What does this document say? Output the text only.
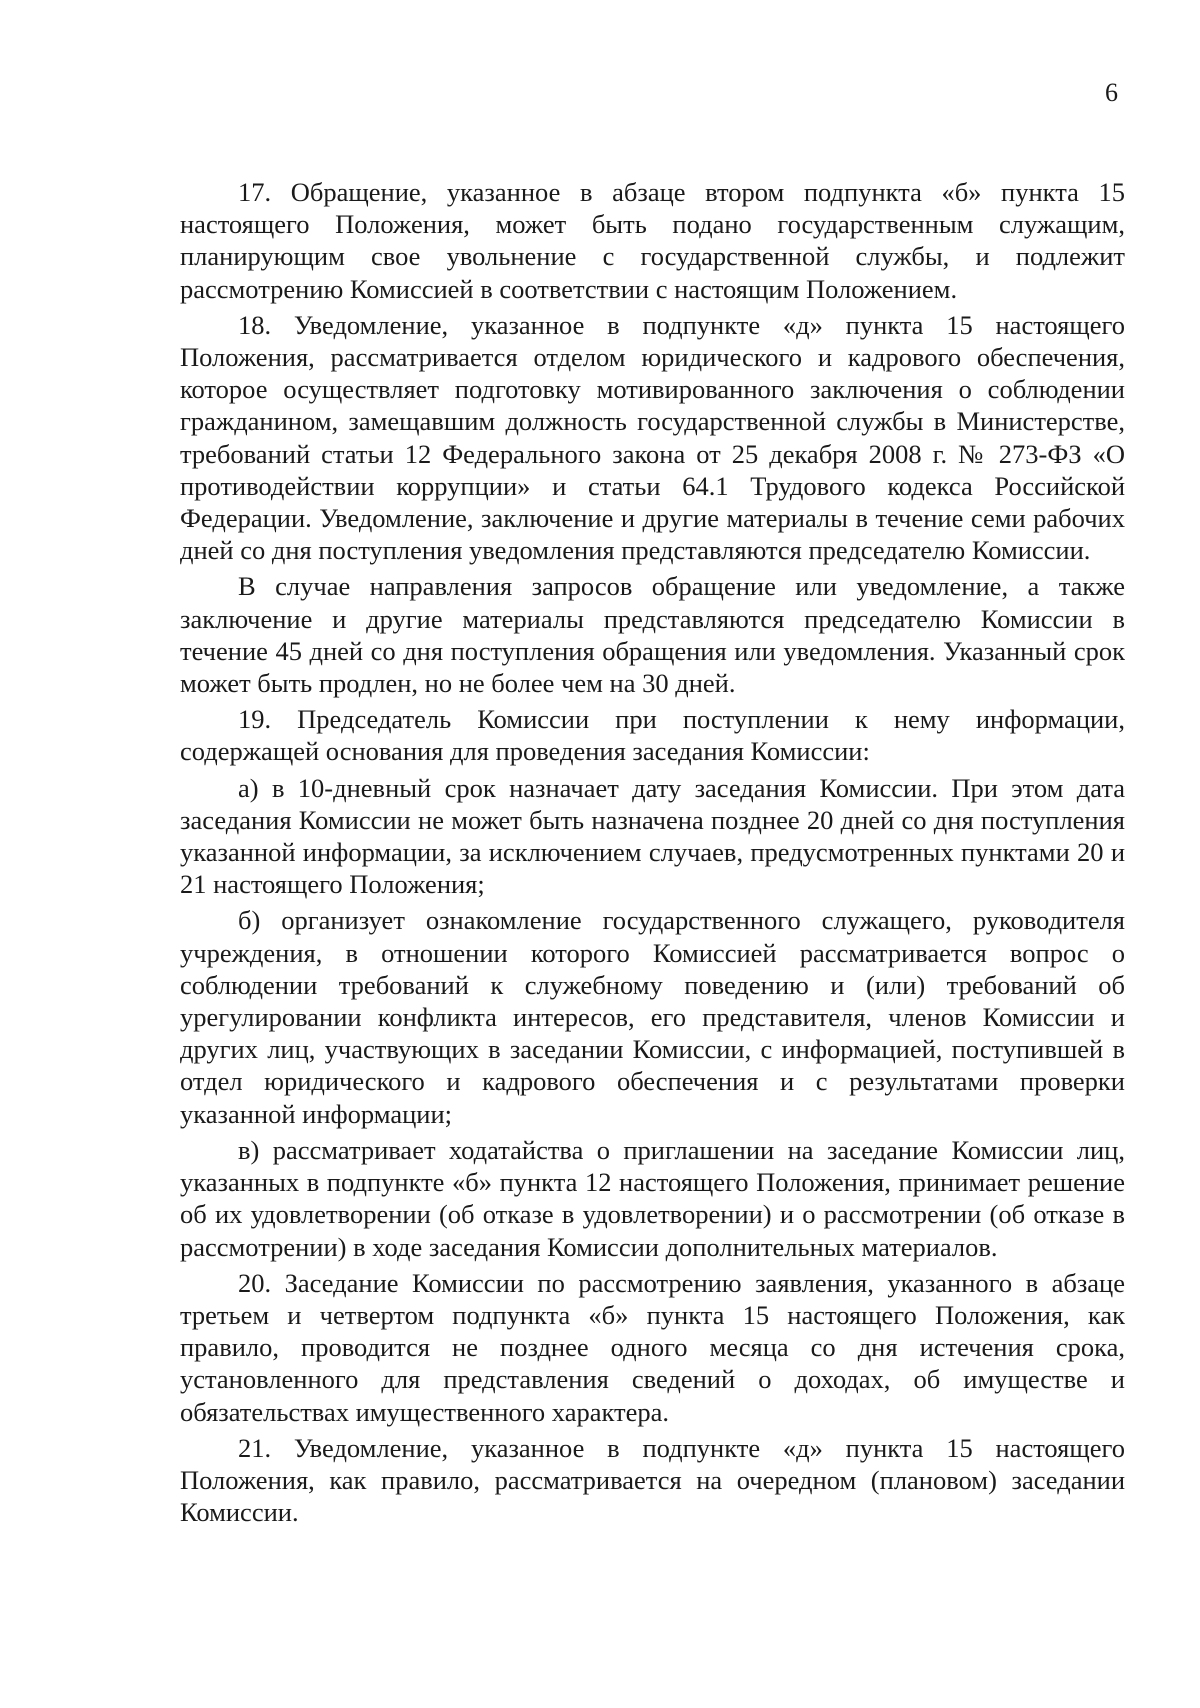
6

17. Обращение, указанное в абзаце втором подпункта «б» пункта 15 настоящего Положения, может быть подано государственным служащим, планирующим свое увольнение с государственной службы, и подлежит рассмотрению Комиссией в соответствии с настоящим Положением.

18. Уведомление, указанное в подпункте «д» пункта 15 настоящего Положения, рассматривается отделом юридического и кадрового обеспечения, которое осуществляет подготовку мотивированного заключения о соблюдении гражданином, замещавшим должность государственной службы в Министерстве, требований статьи 12 Федерального закона от 25 декабря 2008 г. № 273-ФЗ «О противодействии коррупции» и статьи 64.1 Трудового кодекса Российской Федерации. Уведомление, заключение и другие материалы в течение семи рабочих дней со дня поступления уведомления представляются председателю Комиссии.

В случае направления запросов обращение или уведомление, а также заключение и другие материалы представляются председателю Комиссии в течение 45 дней со дня поступления обращения или уведомления. Указанный срок может быть продлен, но не более чем на 30 дней.

19. Председатель Комиссии при поступлении к нему информации, содержащей основания для проведения заседания Комиссии:

а) в 10-дневный срок назначает дату заседания Комиссии. При этом дата заседания Комиссии не может быть назначена позднее 20 дней со дня поступления указанной информации, за исключением случаев, предусмотренных пунктами 20 и 21 настоящего Положения;

б) организует ознакомление государственного служащего, руководителя учреждения, в отношении которого Комиссией рассматривается вопрос о соблюдении требований к служебному поведению и (или) требований об урегулировании конфликта интересов, его представителя, членов Комиссии и других лиц, участвующих в заседании Комиссии, с информацией, поступившей в отдел юридического и кадрового обеспечения и с результатами проверки указанной информации;

в) рассматривает ходатайства о приглашении на заседание Комиссии лиц, указанных в подпункте «б» пункта 12 настоящего Положения, принимает решение об их удовлетворении (об отказе в удовлетворении) и о рассмотрении (об отказе в рассмотрении) в ходе заседания Комиссии дополнительных материалов.

20. Заседание Комиссии по рассмотрению заявления, указанного в абзаце третьем и четвертом подпункта «б» пункта 15 настоящего Положения, как правило, проводится не позднее одного месяца со дня истечения срока, установленного для представления сведений о доходах, об имуществе и обязательствах имущественного характера.

21. Уведомление, указанное в подпункте «д» пункта 15 настоящего Положения, как правило, рассматривается на очередном (плановом) заседании Комиссии.
